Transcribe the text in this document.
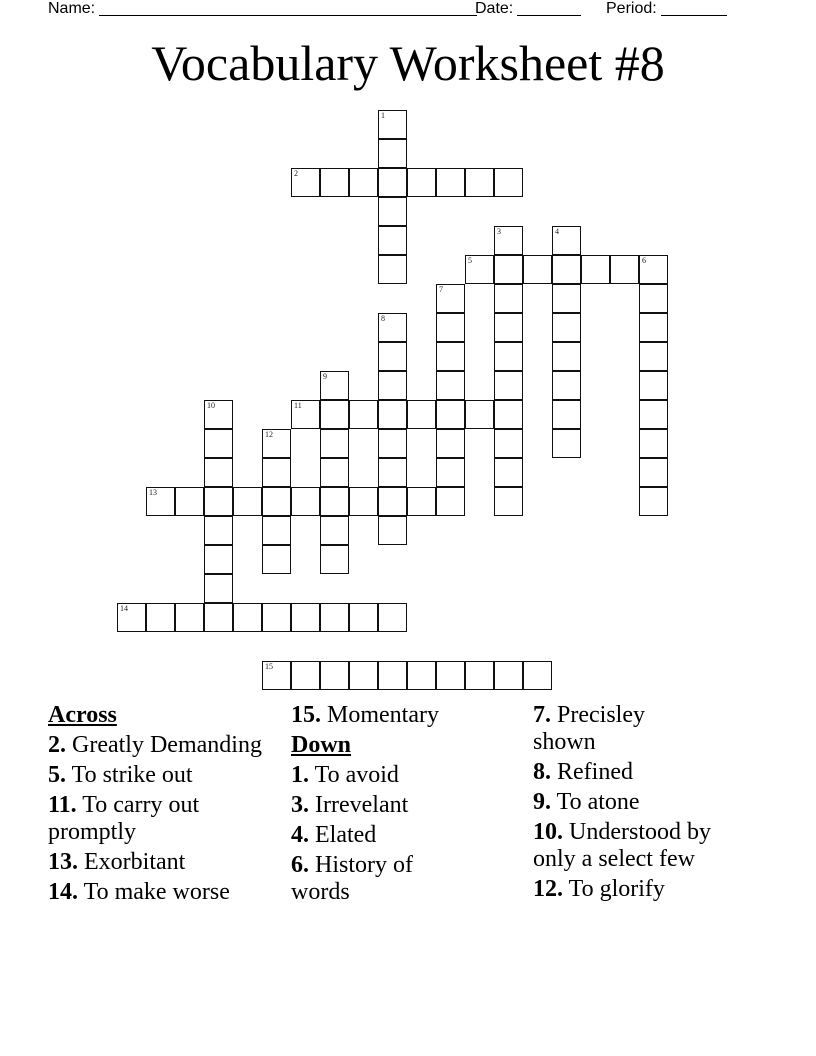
Name:	Date:	Period:
Vocabulary Worksheet #8
1
2
3	4
5	6
7
8
9
10	11
12
13
14
15
Across
2. Greatly Demanding
5. To strike out
11. To carry out promptly
13. Exorbitant
14. To make worse
15. Momentary
Down
1. To avoid
3. Irrevelant
4. Elated
6. History of words
7. Precisley shown
8. Refined
9. To atone
10. Understood by only a select few
12. To glorify
